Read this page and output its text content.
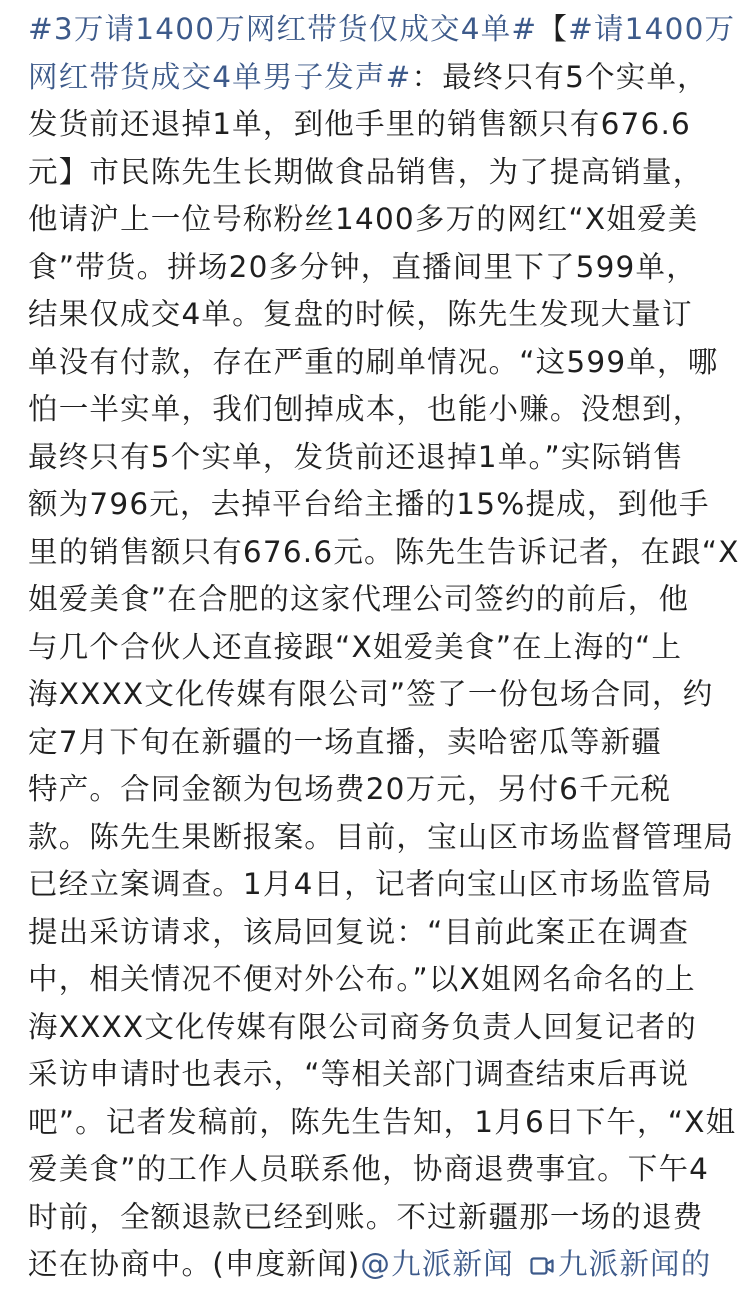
#3万请1400万网红带货仅成交4单#【#请1400万
网红带货成交4单男子发声#：最终只有5个实单，
发货前还退掉1单，到他手里的销售额只有676.6
元】市民陈先生长期做食品销售，为了提高销量，
他请沪上一位号称粉丝1400多万的网红“X姐爱美
食”带货。拼场20多分钟，直播间里下了599单，
结果仅成交4单。复盘的时候，陈先生发现大量订
单没有付款，存在严重的刷单情况。“这599单，哪
怕一半实单，我们刨掉成本，也能小赚。没想到，
最终只有5个实单，发货前还退掉1单。”实际销售
额为796元，去掉平台给主播的15%提成，到他手
里的销售额只有676.6元。陈先生告诉记者，在跟“X
姐爱美食”在合肥的这家代理公司签约的前后，他
与几个合伙人还直接跟“X姐爱美食”在上海的“上
海XXXX文化传媒有限公司”签了一份包场合同，约
定7月下旬在新疆的一场直播，卖哈密瓜等新疆
特产。合同金额为包场费20万元，另付6千元税
款。陈先生果断报案。目前，宝山区市场监督管理局
已经立案调查。1月4日，记者向宝山区市场监管局
提出采访请求，该局回复说：“目前此案正在调查
中，相关情况不便对外公布。”以X姐网名命名的上
海XXXX文化传媒有限公司商务负责人回复记者的
采访申请时也表示，“等相关部门调查结束后再说
吧”。记者发稿前，陈先生告知，1月6日下午，“X姐
爱美食”的工作人员联系他，协商退费事宜。下午4
时前，全额退款已经到账。不过新疆那一场的退费
还在协商中。(申度新闻)@九派新闻 九派新闻的
